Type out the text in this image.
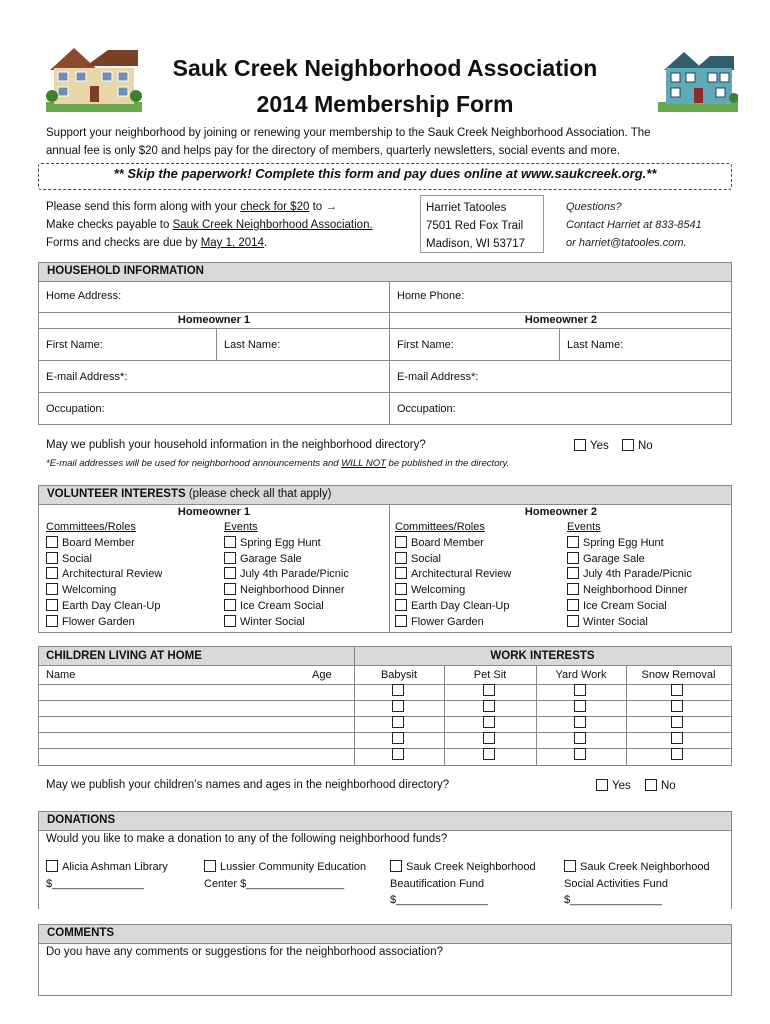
Sauk Creek Neighborhood Association
2014 Membership Form
Support your neighborhood by joining or renewing your membership to the Sauk Creek Neighborhood Association. The
annual fee is only $20 and helps pay for the directory of members, quarterly newsletters, social events and more.
** Skip the paperwork! Complete this form and pay dues online at www.saukcreek.org.**
Please send this form along with your check for $20 to →
Make checks payable to Sauk Creek Neighborhood Association.
Forms and checks are due by May 1, 2014.
Harriet Tatooles
7501 Red Fox Trail
Madison, WI 53717
Questions?
Contact Harriet at 833-8541
or harriet@tatooles.com.
HOUSEHOLD INFORMATION
Home Address:	Home Phone:
Homeowner 1	Homeowner 2
First Name:	Last Name:	First Name:	Last Name:
E-mail Address*:	E-mail Address*:
Occupation:	Occupation:
May we publish your household information in the neighborhood directory?	Yes	No
*E-mail addresses will be used for neighborhood announcements and WILL NOT be published in the directory.
VOLUNTEER INTERESTS (please check all that apply)
Homeowner 1	Homeowner 2
Committees/Roles
Board Member
Social
Architectural Review
Welcoming
Earth Day Clean-Up
Flower Garden
Events
Spring Egg Hunt
Garage Sale
July 4th Parade/Picnic
Neighborhood Dinner
Ice Cream Social
Winter Social
Committees/Roles
Board Member
Social
Architectural Review
Welcoming
Earth Day Clean-Up
Flower Garden
Events
Spring Egg Hunt
Garage Sale
July 4th Parade/Picnic
Neighborhood Dinner
Ice Cream Social
Winter Social
CHILDREN LIVING AT HOME	WORK INTERESTS
Name	Age	Babysit	Pet Sit	Yard Work	Snow Removal
May we publish your children’s names and ages in the neighborhood directory?	Yes	No
DONATIONS
Would you like to make a donation to any of the following neighborhood funds?
Alicia Ashman Library
$_______________
Lussier Community Education
Center $________________
Sauk Creek Neighborhood
Beautification Fund
$_______________
Sauk Creek Neighborhood
Social Activities Fund
$_______________
COMMENTS
Do you have any comments or suggestions for the neighborhood association?
